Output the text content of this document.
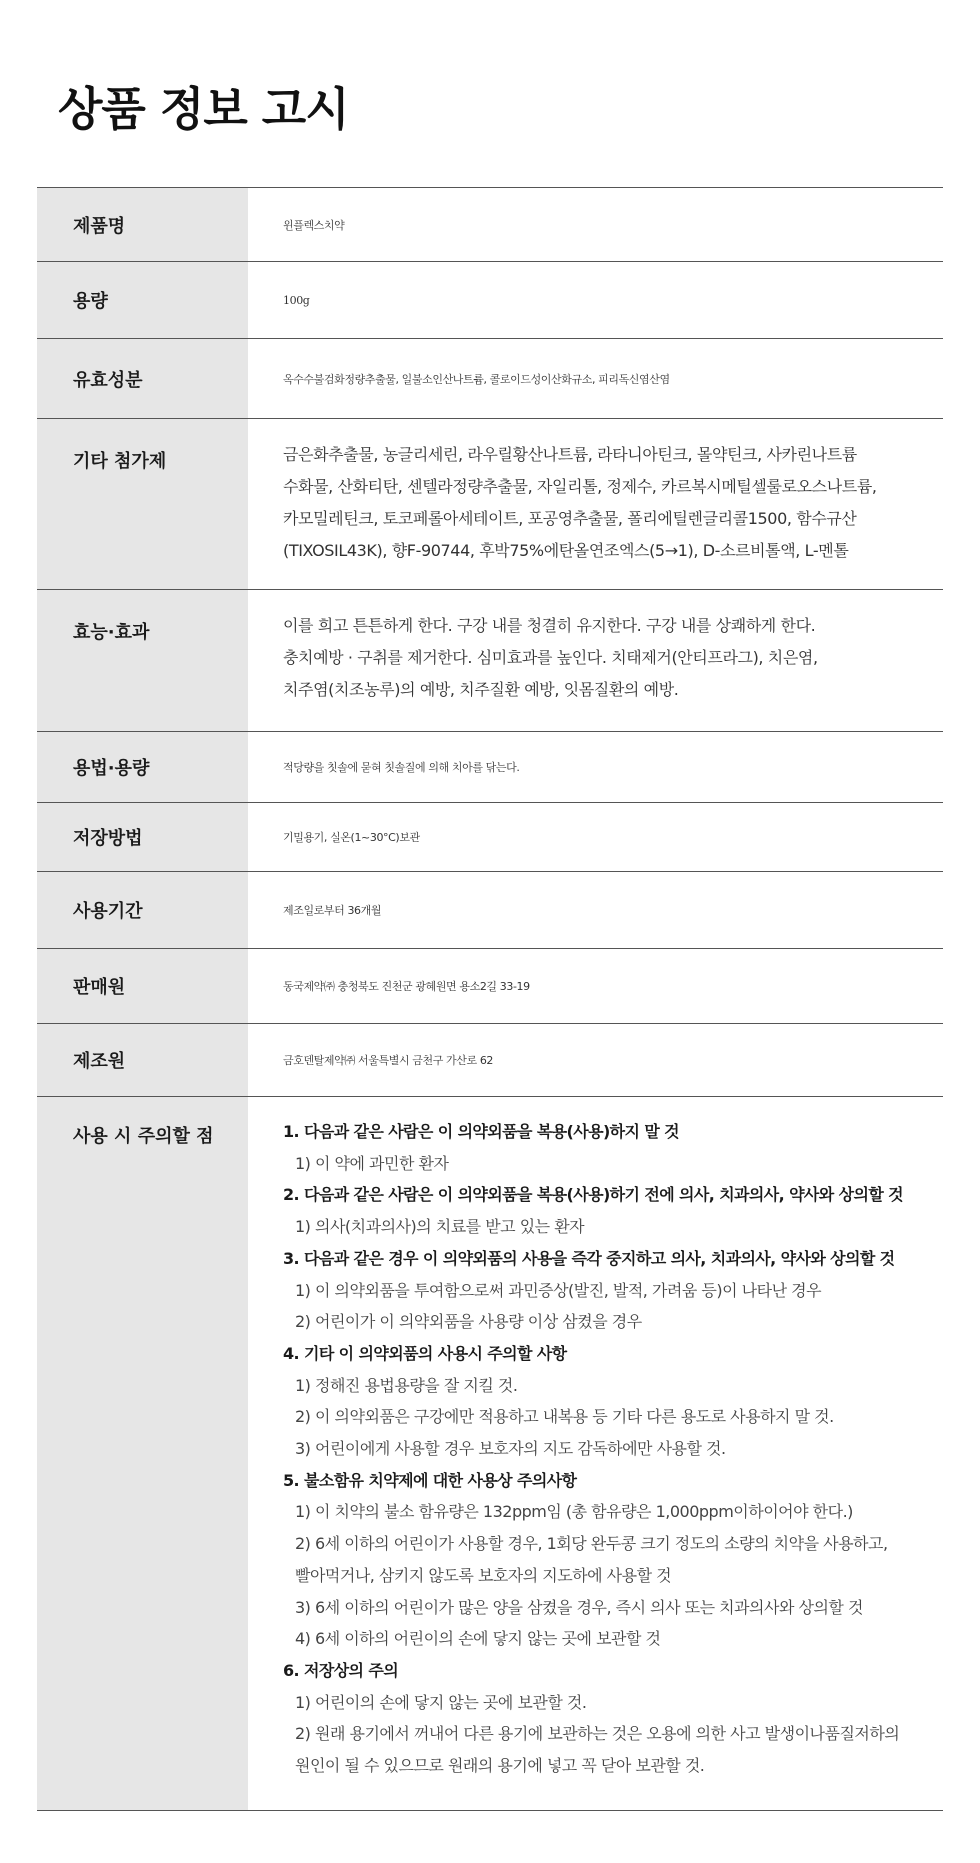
상품 정보 고시
제품명	윈플렉스치약
용량	100g
유효성분	옥수수불검화정량추출물, 일불소인산나트륨, 콜로이드성이산화규소, 피리독신염산염
기타 첨가제	금은화추출물, 농글리세린, 라우릴황산나트륨, 라타니아틴크, 몰약틴크, 사카린나트륨
수화물, 산화티탄, 센텔라정량추출물, 자일리톨, 정제수, 카르복시메틸셀룰로오스나트륨,
카모밀레틴크, 토코페롤아세테이트, 포공영추출물, 폴리에틸렌글리콜1500, 함수규산
(TIXOSIL43K), 향F-90744, 후박75%에탄올연조엑스(5→1), D-소르비톨액, L-멘톨
효능·효과	이를 희고 튼튼하게 한다. 구강 내를 청결히 유지한다. 구강 내를 상쾌하게 한다.
충치예방 · 구취를 제거한다. 심미효과를 높인다. 치태제거(안티프라그), 치은염,
치주염(치조농루)의 예방, 치주질환 예방, 잇몸질환의 예방.
용법·용량	적당량을 칫솔에 묻혀 칫솔질에 의해 치아를 닦는다.
저장방법	기밀용기, 실온(1~30°C)보관
사용기간	제조일로부터 36개월
판매원	동국제약㈜ 충청북도 진천군 광혜원면 용소2길 33-19
제조원	금호덴탈제약㈜ 서울특별시 금천구 가산로 62
사용 시 주의할 점	1. 다음과 같은 사람은 이 의약외품을 복용(사용)하지 말 것
1) 이 약에 과민한 환자
2. 다음과 같은 사람은 이 의약외품을 복용(사용)하기 전에 의사, 치과의사, 약사와 상의할 것
1) 의사(치과의사)의 치료를 받고 있는 환자
3. 다음과 같은 경우 이 의약외품의 사용을 즉각 중지하고 의사, 치과의사, 약사와 상의할 것
1) 이 의약외품을 투여함으로써 과민증상(발진, 발적, 가려움 등)이 나타난 경우
2) 어린이가 이 의약외품을 사용량 이상 삼켰을 경우
4. 기타 이 의약외품의 사용시 주의할 사항
1) 정해진 용법용량을 잘 지킬 것.
2) 이 의약외품은 구강에만 적용하고 내복용 등 기타 다른 용도로 사용하지 말 것.
3) 어린이에게 사용할 경우 보호자의 지도 감독하에만 사용할 것.
5. 불소함유 치약제에 대한 사용상 주의사항
1) 이 치약의 불소 함유량은 132ppm임 (총 함유량은 1,000ppm이하이어야 한다.)
2) 6세 이하의 어린이가 사용할 경우, 1회당 완두콩 크기 정도의 소량의 치약을 사용하고,
빨아먹거나, 삼키지 않도록 보호자의 지도하에 사용할 것
3) 6세 이하의 어린이가 많은 양을 삼켰을 경우, 즉시 의사 또는 치과의사와 상의할 것
4) 6세 이하의 어린이의 손에 닿지 않는 곳에 보관할 것
6. 저장상의 주의
1) 어린이의 손에 닿지 않는 곳에 보관할 것.
2) 원래 용기에서 꺼내어 다른 용기에 보관하는 것은 오용에 의한 사고 발생이나품질저하의
원인이 될 수 있으므로 원래의 용기에 넣고 꼭 닫아 보관할 것.
